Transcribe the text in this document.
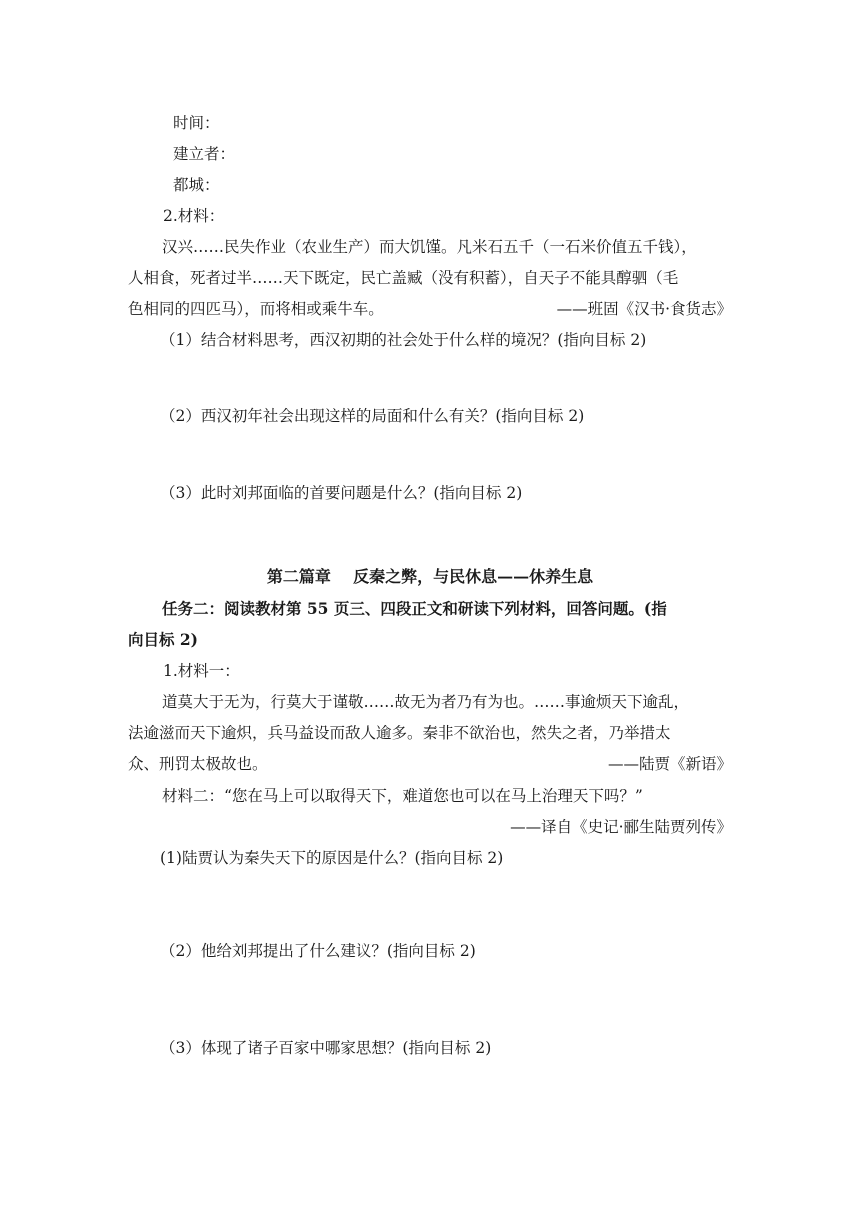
时间：
建立者：
都城：
2.材料：
汉兴……民失作业（农业生产）而大饥馑。凡米石五千（一石米价值五千钱），
人相食，死者过半……天下既定，民亡盖臧（没有积蓄），自天子不能具醇驷（毛
色相同的四匹马），而将相或乘牛车。	——班固《汉书·食货志》
（1）结合材料思考，西汉初期的社会处于什么样的境况？(指向目标 2)
（2）西汉初年社会出现这样的局面和什么有关？(指向目标 2)
（3）此时刘邦面临的首要问题是什么？(指向目标 2)
第二篇章    反秦之弊，与民休息——休养生息
任务二：阅读教材第 55 页三、四段正文和研读下列材料，回答问题。(指
向目标 2)
1.材料一：
道莫大于无为，行莫大于谨敬……故无为者乃有为也。……事逾烦天下逾乱，
法逾滋而天下逾炽，兵马益设而敌人逾多。秦非不欲治也，然失之者，乃举措太
众、刑罚太极故也。	——陆贾《新语》
材料二：“您在马上可以取得天下，难道您也可以在马上治理天下吗？”
——译自《史记·郦生陆贾列传》
(1)陆贾认为秦失天下的原因是什么？(指向目标 2)
（2）他给刘邦提出了什么建议？(指向目标 2)
（3）体现了诸子百家中哪家思想？(指向目标 2)
